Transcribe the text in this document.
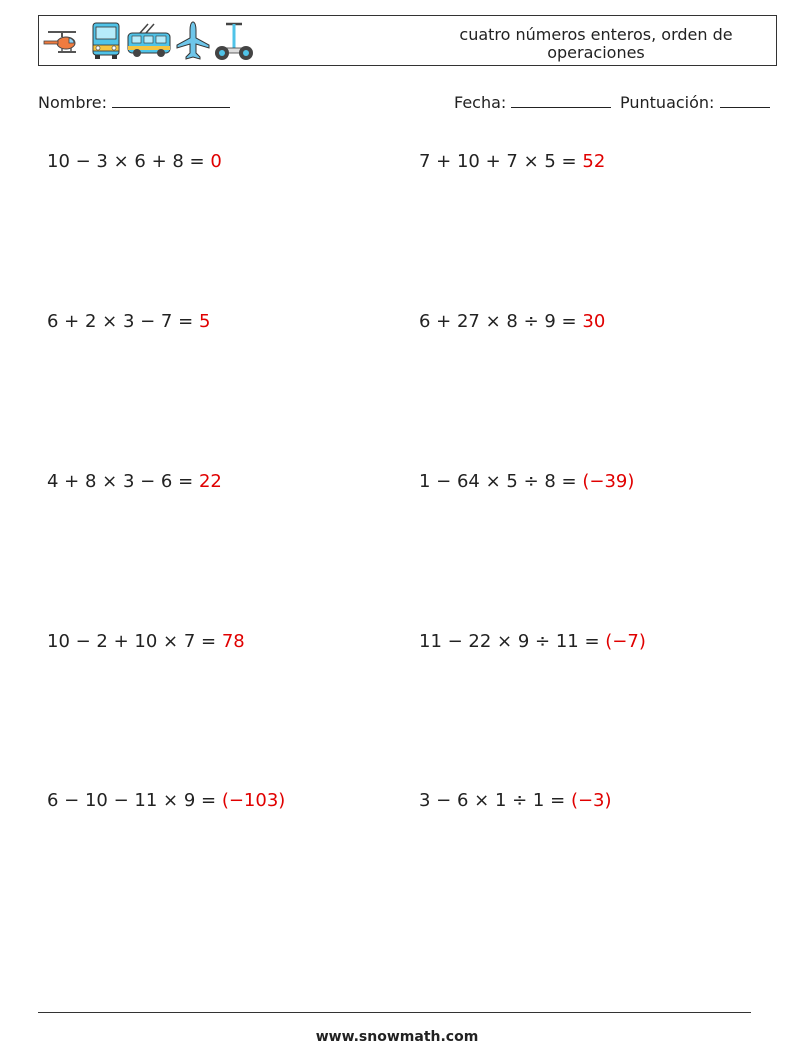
cuatro números enteros, orden de operaciones
Nombre:	Fecha:	Puntuación:
10 − 3 × 6 + 8 = 0	7 + 10 + 7 × 5 = 52
6 + 2 × 3 − 7 = 5	6 + 27 × 8 ÷ 9 = 30
4 + 8 × 3 − 6 = 22	1 − 64 × 5 ÷ 8 = (−39)
10 − 2 + 10 × 7 = 78	11 − 22 × 9 ÷ 11 = (−7)
6 − 10 − 11 × 9 = (−103)	3 − 6 × 1 ÷ 1 = (−3)
www.snowmath.com
